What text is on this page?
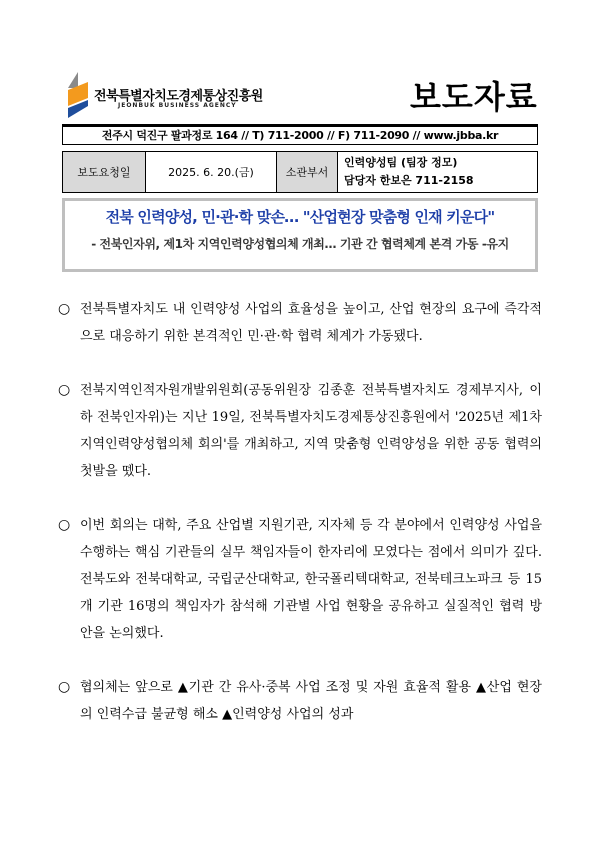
전북특별자치도경제통상진흥원
JEONBUK BUSINESS AGENCY	보도자료
전주시 덕진구 팔과정로 164 // T) 711-2000 // F) 711-2090 // www.jbba.kr
보도요청일	2025. 6. 20.(금)	소관부서	
인력양성팀 (팀장 정모)
담당자 한보은 711-2158
전북 인력양성, 민·관·학 맞손… "산업현장 맞춤형 인재 키운다"
- 전북인자위, 제1차 지역인력양성협의체 개최… 기관 간 협력체계 본격 가동 -유지
○ 전북특별자치도 내 인력양성 사업의 효율성을 높이고, 산업 현장의 요구에 즉각적으로 대응하기 위한 본격적인 민·관·학 협력 체계가 가동됐다.
○ 전북지역인적자원개발위원회(공동위원장 김종훈 전북특별자치도 경제부지사, 이하 전북인자위)는 지난 19일, 전북특별자치도경제통상진흥원에서 '2025년 제1차 지역인력양성협의체 회의'를 개최하고, 지역 맞춤형 인력양성을 위한 공동 협력의 첫발을 뗐다.
○ 이번 회의는 대학, 주요 산업별 지원기관, 지자체 등 각 분야에서 인력양성 사업을 수행하는 핵심 기관들의 실무 책임자들이 한자리에 모였다는 점에서 의미가 깊다. 전북도와 전북대학교, 국립군산대학교, 한국폴리텍대학교, 전북테크노파크 등 15개 기관 16명의 책임자가 참석해 기관별 사업 현황을 공유하고 실질적인 협력 방안을 논의했다.
○ 협의체는 앞으로 ▲기관 간 유사·중복 사업 조정 및 자원 효율적 활용 ▲산업 현장의 인력수급 불균형 해소 ▲인력양성 사업의 성과
